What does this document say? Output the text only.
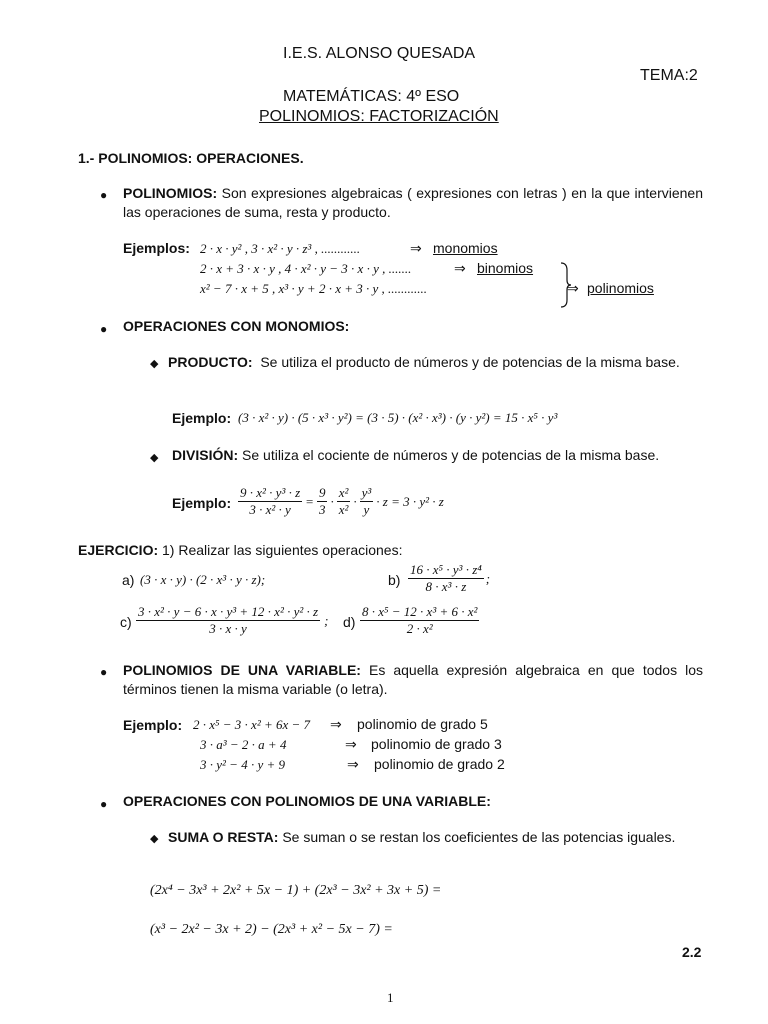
I.E.S. ALONSO QUESADA
TEMA:2
MATEMÁTICAS: 4º ESO
POLINOMIOS: FACTORIZACIÓN
1.- POLINOMIOS: OPERACIONES.
● POLINOMIOS: Son expresiones algebraicas ( expresiones con letras ) en la que intervienen las operaciones de suma, resta y producto.
Ejemplos: 2 · x · y² , 3 · x² · y · z³ , ............	⇒ monomios
2 · x + 3 · x · y , 4 · x² · y − 3 · x · y , .......	⇒ binomios
x² − 7 · x + 5 , x³ · y + 2 · x + 3 · y , ............	⇒ polinomios
● OPERACIONES CON MONOMIOS:
◆ PRODUCTO: Se utiliza el producto de números y de potencias de la misma base.
Ejemplo: (3 · x² · y) · (5 · x³ · y²) = (3 · 5) · (x² · x³) · (y · y²) = 15 · x⁵ · y³
◆ DIVISIÓN: Se utiliza el cociente de números y de potencias de la misma base.
Ejemplo: $\frac{\text{9 · x² · y³ · z}}{\text{3 · x² · y}} = \frac{9}{3} \cdot \frac{\text{x²}}{\text{x²}} \cdot \frac{\text{y³}}{y} \cdot z = 3 \cdot y^2 \cdot z$
EJERCICIO: 1) Realizar las siguientes operaciones:
a) (3 · x · y) · (2 · x³ · y · z);	$b) \frac{\text{16 · x⁵ · y³ · z⁴}}{\text{8 · x³ · z}}$ ;
$c) \frac{\text{3 · x² · y − 6 · x · y³ + 12 · x² · y² · z}}{3 \cdot x \cdot y}$ ; $d) \frac{\text{8 · x⁵ − 12 · x³ + 6 · x²}}{\text{2 · x²}}$
● POLINOMIOS DE UNA VARIABLE: Es aquella expresión algebraica en que todos los términos tienen la misma variable (o letra).
Ejemplo: 2 · x⁵ − 3 · x² + 6x − 7 ⇒ polinomio de grado 5
3 · a³ − 2 · a + 4	⇒ polinomio de grado 3
3 · y² − 4 · y + 9	⇒ polinomio de grado 2
● OPERACIONES CON POLINOMIOS DE UNA VARIABLE:
◆ SUMA O RESTA: Se suman o se restan los coeficientes de las potencias iguales.
(2x⁴ − 3x³ + 2x² + 5x − 1) + (2x³ − 3x² + 3x + 5) =
(x³ − 2x² − 3x + 2) − (2x³ + x² − 5x − 7) =
2.2
1
